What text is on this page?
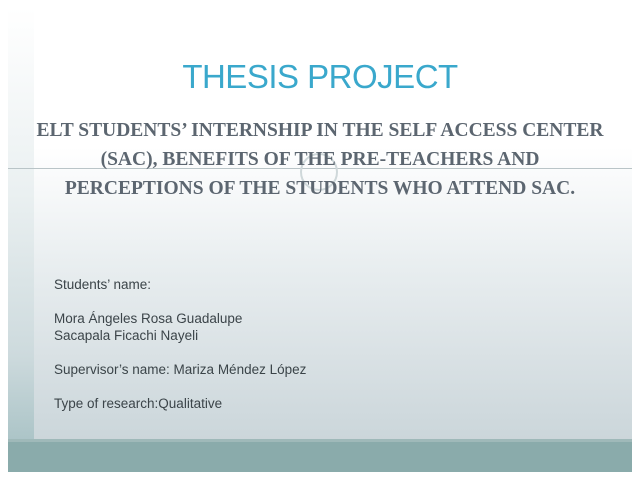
THESIS PROJECT
ELT STUDENTS’ INTERNSHIP IN THE SELF ACCESS CENTER (SAC), BENEFITS OF THE PRE-TEACHERS AND PERCEPTIONS OF THE STUDENTS WHO ATTEND SAC.
Students’ name:
Mora Ángeles Rosa Guadalupe
Sacapala Ficachi Nayeli
Supervisor’s name: Mariza Méndez López
Type of research:Qualitative
